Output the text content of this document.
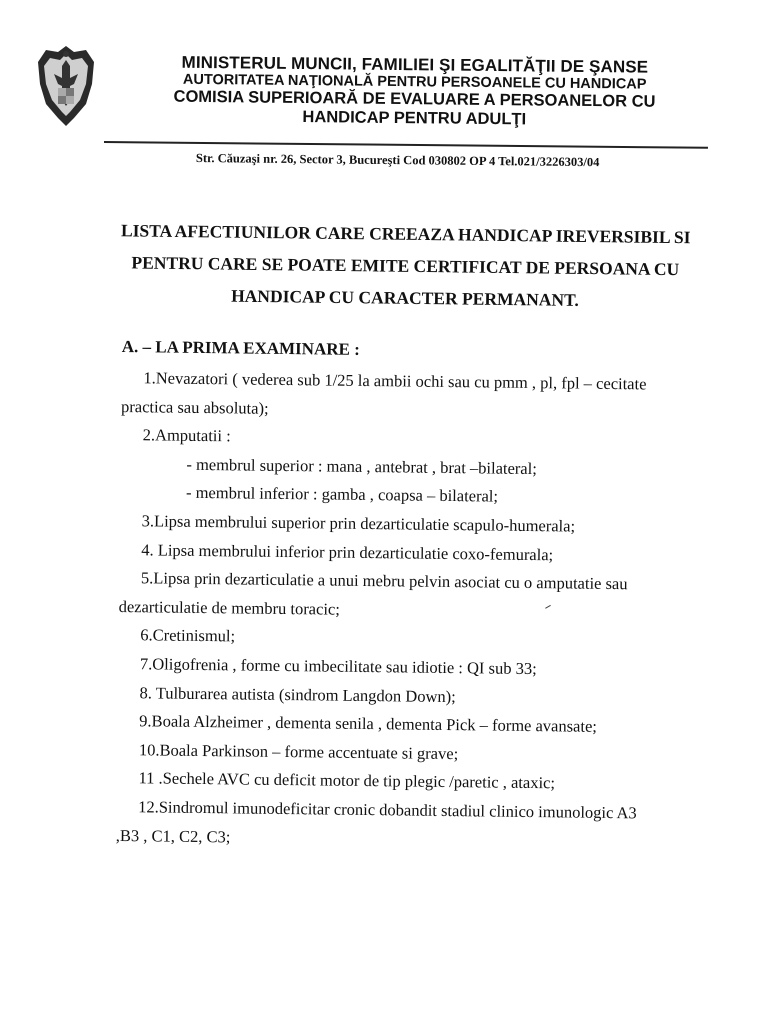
MINISTERUL MUNCII, FAMILIEI ŞI EGALITĂŢII DE ŞANSE
AUTORITATEA NAŢIONALĂ PENTRU PERSOANELE CU HANDICAP
COMISIA SUPERIOARĂ DE EVALUARE A PERSOANELOR CU
HANDICAP PENTRU ADULŢI
Str. Căuzaşi nr. 26, Sector 3, Bucureşti Cod 030802 OP 4 Tel.021/3226303/04
LISTA AFECTIUNILOR CARE CREEAZA HANDICAP IREVERSIBIL SI
PENTRU CARE SE POATE EMITE CERTIFICAT DE PERSOANA CU
HANDICAP CU CARACTER PERMANANT.
A. – LA PRIMA EXAMINARE :
1.Nevazatori ( vederea sub 1/25 la ambii ochi sau cu pmm , pl, fpl – cecitate
practica sau absoluta);
2.Amputatii :
- membrul superior : mana , antebrat , brat –bilateral;
- membrul inferior : gamba , coapsa – bilateral;
3.Lipsa membrului superior prin dezarticulatie scapulo-humerala;
4. Lipsa membrului inferior prin dezarticulatie coxo-femurala;
5.Lipsa prin dezarticulatie a unui mebru pelvin asociat cu o amputatie sau
dezarticulatie de membru toracic;
6.Cretinismul;
7.Oligofrenia , forme cu imbecilitate sau idiotie : QI sub 33;
8. Tulburarea autista (sindrom Langdon Down);
9.Boala Alzheimer , dementa senila , dementa Pick – forme avansate;
10.Boala Parkinson – forme accentuate si grave;
11 .Sechele AVC cu deficit motor de tip plegic /paretic , ataxic;
12.Sindromul imunodeficitar cronic dobandit stadiul clinico imunologic A3
,B3 , C1, C2, C3;
